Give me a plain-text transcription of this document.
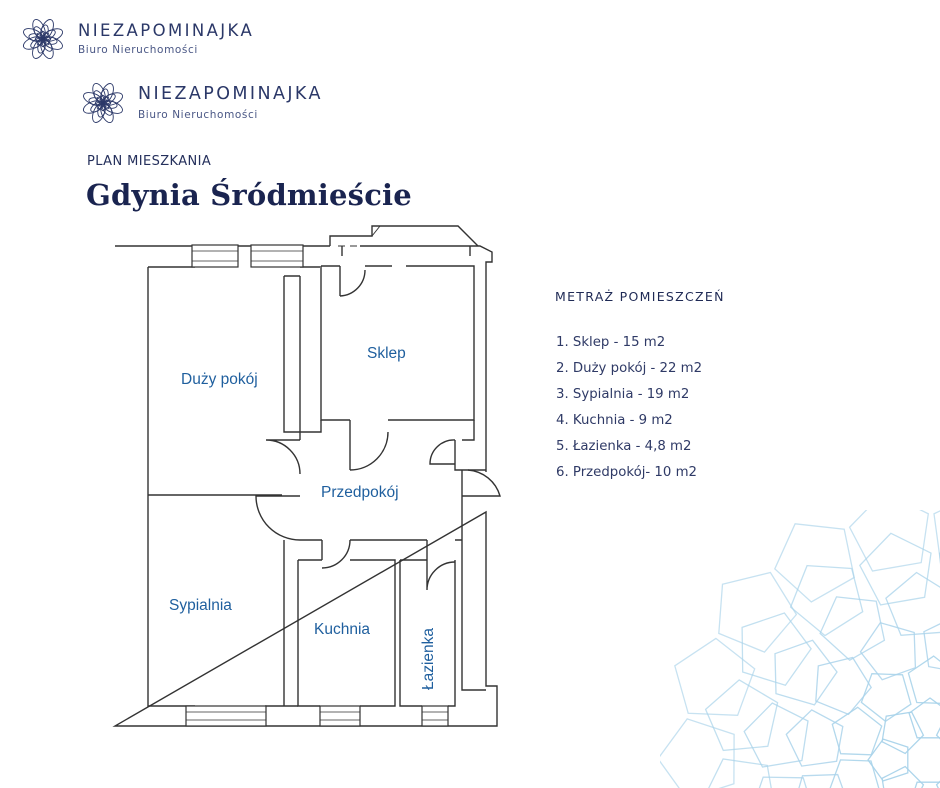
NIEZAPOMINAJKA
Biuro Nieruchomości
NIEZAPOMINAJKA
Biuro Nieruchomości
PLAN MIESZKANIA
Gdynia Śródmieście
Sklep
Duży pokój
Przedpokój
Sypialnia
Kuchnia	Łazienka
METRAŻ POMIESZCZEŃ
1. Sklep - 15 m2
2. Duży pokój - 22 m2
3. Sypialnia - 19 m2
4. Kuchnia - 9 m2
5. Łazienka - 4,8 m2
6. Przedpokój- 10 m2
